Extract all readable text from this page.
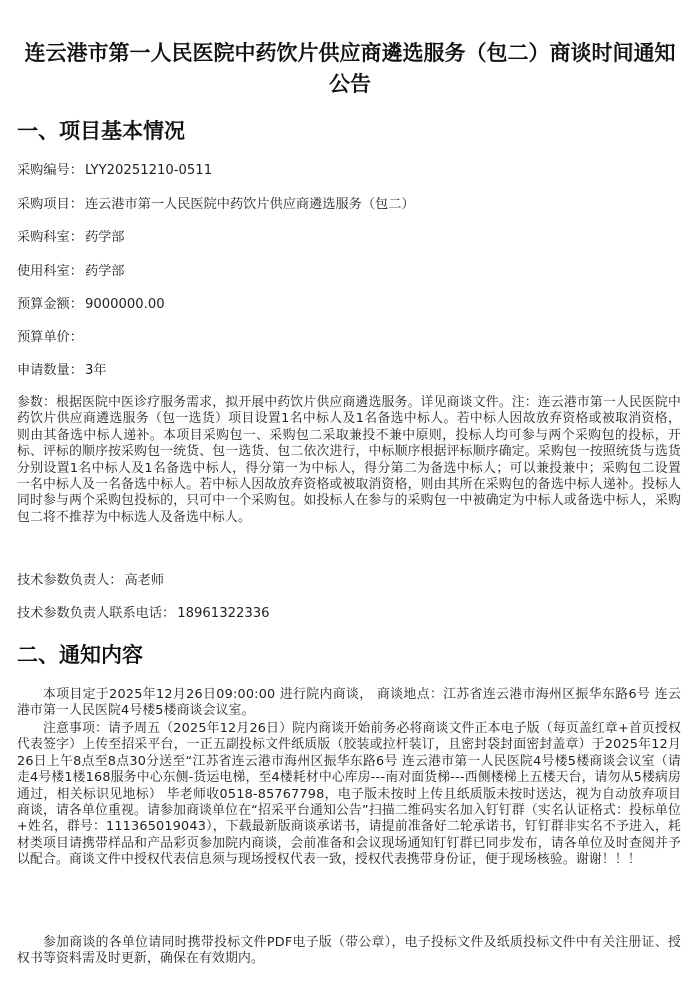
连云港市第一人民医院中药饮片供应商遴选服务（包二）商谈时间通知公告
一、项目基本情况
采购编号： LYY20251210-0511
采购项目： 连云港市第一人民医院中药饮片供应商遴选服务（包二）
采购科室： 药学部
使用科室： 药学部
预算金额： 9000000.00
预算单价：
申请数量： 3年
参数：根据医院中医诊疗服务需求，拟开展中药饮片供应商遴选服务。详见商谈文件。注：连云港市第一人民医院中药饮片供应商遴选服务（包一选货）项目设置1名中标人及1名备选中标人。若中标人因故放弃资格或被取消资格，则由其备选中标人递补。本项目采购包一、采购包二采取兼投不兼中原则，投标人均可参与两个采购包的投标，开标、评标的顺序按采购包一统货、包一选货、包二依次进行，中标顺序根据评标顺序确定。采购包一按照统货与选货分别设置1名中标人及1名备选中标人，得分第一为中标人，得分第二为备选中标人；可以兼投兼中；采购包二设置一名中标人及一名备选中标人。若中标人因故放弃资格或被取消资格，则由其所在采购包的备选中标人递补。投标人同时参与两个采购包投标的，只可中一个采购包。如投标人在参与的采购包一中被确定为中标人或备选中标人，采购包二将不推荐为中标选人及备选中标人。
技术参数负责人： 高老师
技术参数负责人联系电话： 18961322336
二、通知内容
本项目定于2025年12月26日09:00:00 进行院内商谈， 商谈地点：江苏省连云港市海州区振华东路6号 连云港市第一人民医院4号楼5楼商谈会议室。
注意事项：请予周五（2025年12月26日）院内商谈开始前务必将商谈文件正本电子版（每页盖红章+首页授权代表签字）上传至招采平台，一正五副投标文件纸质版（胶装或拉杆装订，且密封袋封面密封盖章）于2025年12月26日上午8点至8点30分送至“江苏省连云港市海州区振华东路6号 连云港市第一人民医院4号楼5楼商谈会议室（请走4号楼1楼168服务中心东侧-货运电梯，至4楼耗材中心库房---南对面货梯---西侧楼梯上五楼天台，请勿从5楼病房通过，相关标识见地标） 毕老师收0518-85767798，电子版未按时上传且纸质版未按时送达，视为自动放弃项目商谈，请各单位重视。请参加商谈单位在“招采平台通知公告”扫描二维码实名加入钉钉群（实名认证格式：投标单位+姓名，群号：111365019043），下载最新版商谈承诺书，请提前准备好二轮承诺书，钉钉群非实名不予进入，耗材类项目请携带样品和产品彩页参加院内商谈，会前准备和会议现场通知钉钉群已同步发布，请各单位及时查阅并予以配合。商谈文件中授权代表信息须与现场授权代表一致，授权代表携带身份证，便于现场核验。谢谢！！！
参加商谈的各单位请同时携带投标文件PDF电子版（带公章），电子投标文件及纸质投标文件中有关注册证、授权书等资料需及时更新，确保在有效期内。
